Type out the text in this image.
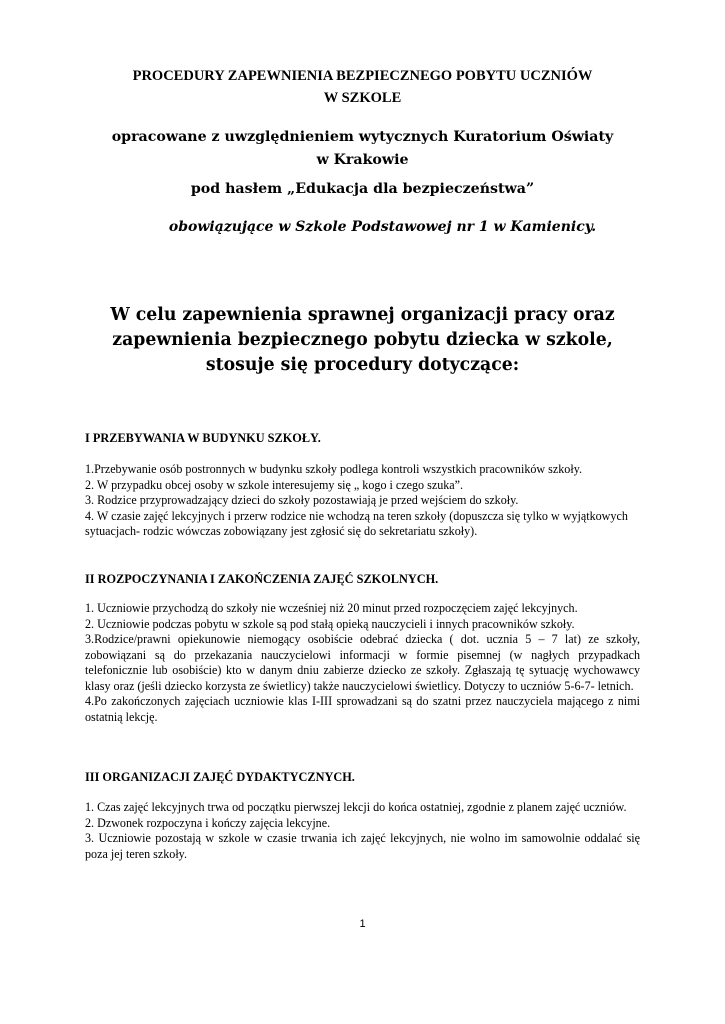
PROCEDURY ZAPEWNIENIA BEZPIECZNEGO POBYTU UCZNIÓW
W SZKOLE
opracowane z uwzględnieniem wytycznych Kuratorium Oświaty
w Krakowie
pod hasłem „Edukacja dla bezpieczeństwa”
obowiązujące w Szkole Podstawowej nr 1 w Kamienicy.
W celu zapewnienia sprawnej organizacji pracy oraz
zapewnienia bezpiecznego pobytu dziecka w szkole,
stosuje się procedury dotyczące:
I PRZEBYWANIA W BUDYNKU SZKOŁY.

1.Przebywanie osób postronnych w budynku szkoły podlega kontroli wszystkich pracowników szkoły.

2. W przypadku obcej osoby w szkole interesujemy się „ kogo i czego szuka”.

3. Rodzice przyprowadzający dzieci do szkoły pozostawiają je przed wejściem do szkoły.

4. W czasie zajęć lekcyjnych i przerw rodzice nie wchodzą na teren szkoły (dopuszcza się tylko w wyjątkowych sytuacjach- rodzic wówczas zobowiązany jest zgłosić się do sekretariatu szkoły).

II ROZPOCZYNANIA I ZAKOŃCZENIA ZAJĘĆ SZKOLNYCH.

1. Uczniowie przychodzą do szkoły nie wcześniej niż 20 minut przed rozpoczęciem zajęć lekcyjnych.

2. Uczniowie podczas pobytu w szkole są pod stałą opieką nauczycieli i innych pracowników szkoły.

3.Rodzice/prawni opiekunowie niemogący osobiście odebrać dziecka ( dot. ucznia 5 – 7 lat) ze szkoły, zobowiązani są do przekazania nauczycielowi informacji w formie pisemnej (w nagłych przypadkach telefonicznie lub osobiście) kto w danym dniu zabierze dziecko ze szkoły. Zgłaszają tę sytuację wychowawcy klasy oraz (jeśli dziecko korzysta ze świetlicy) także nauczycielowi świetlicy. Dotyczy to uczniów 5-6-7- letnich.

4.Po zakończonych zajęciach uczniowie klas I-III sprowadzani są do szatni przez nauczyciela mającego z nimi ostatnią lekcję.

III ORGANIZACJI ZAJĘĆ DYDAKTYCZNYCH.

1. Czas zajęć lekcyjnych trwa od początku pierwszej lekcji do końca ostatniej, zgodnie z planem zajęć uczniów.

2. Dzwonek rozpoczyna i kończy zajęcia lekcyjne.

3. Uczniowie pozostają w szkole w czasie trwania ich zajęć lekcyjnych, nie wolno im samowolnie oddalać się poza jej teren szkoły.

1
